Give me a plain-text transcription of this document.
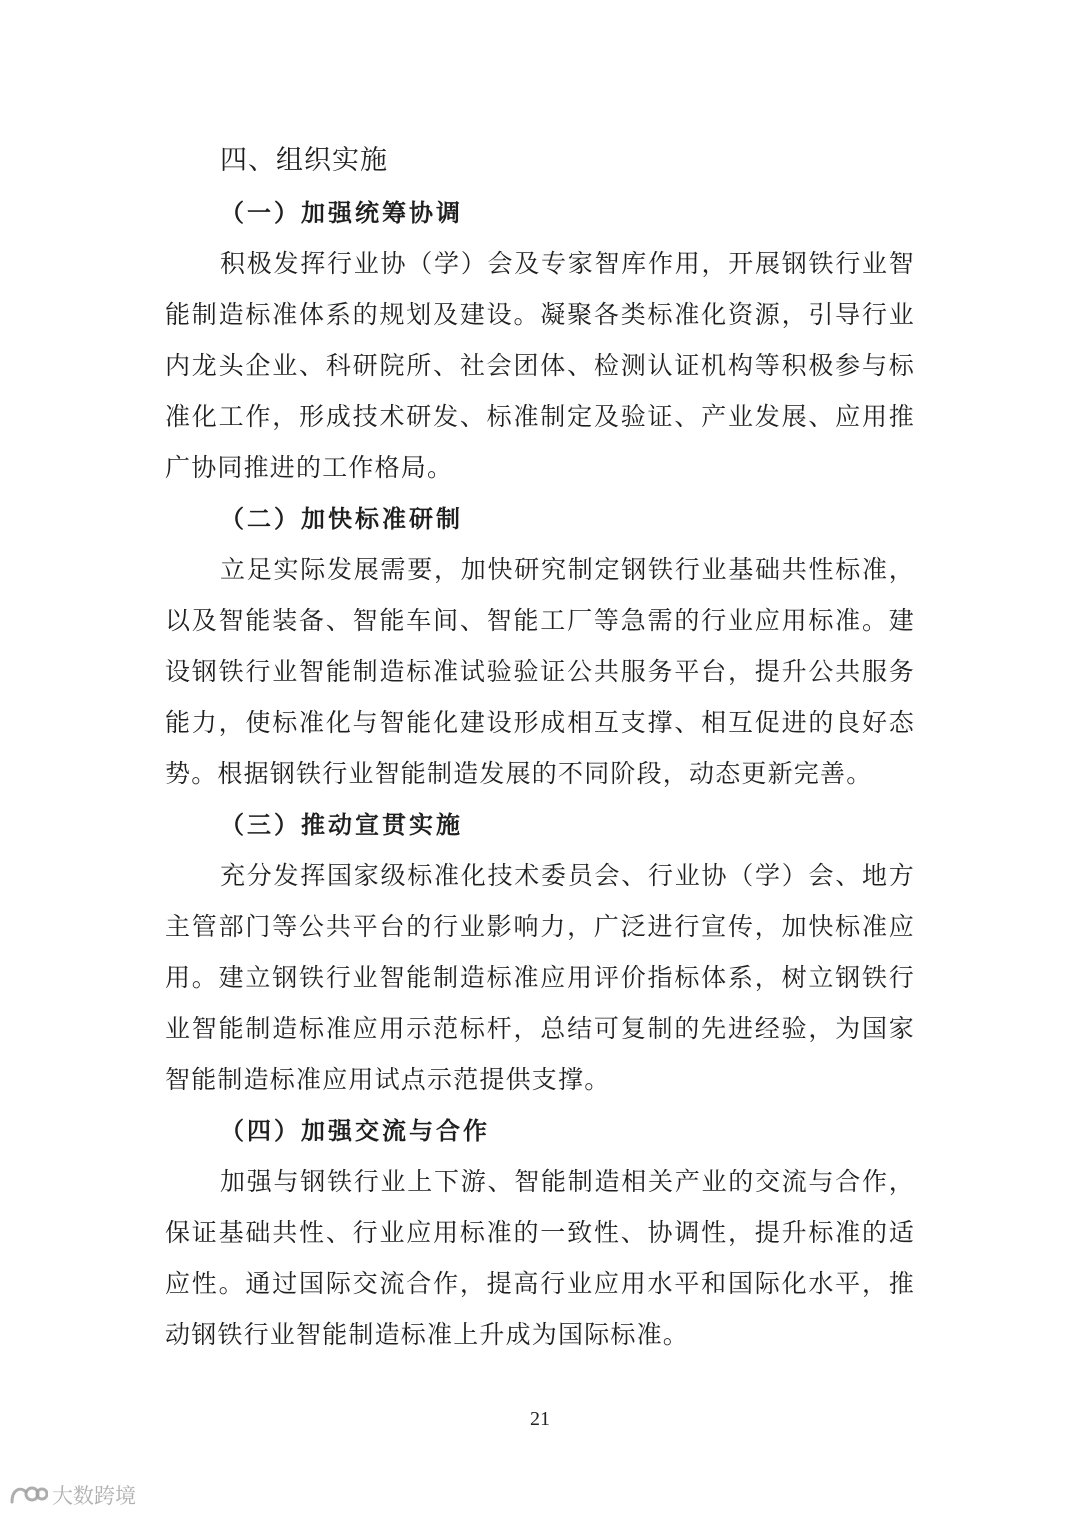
四、组织实施
（一）加强统筹协调

积极发挥行业协（学）会及专家智库作用，开展钢铁行业智能制造标准体系的规划及建设。凝聚各类标准化资源，引导行业内龙头企业、科研院所、社会团体、检测认证机构等积极参与标准化工作，形成技术研发、标准制定及验证、产业发展、应用推广协同推进的工作格局。

（二）加快标准研制

立足实际发展需要，加快研究制定钢铁行业基础共性标准，以及智能装备、智能车间、智能工厂等急需的行业应用标准。建设钢铁行业智能制造标准试验验证公共服务平台，提升公共服务能力，使标准化与智能化建设形成相互支撑、相互促进的良好态势。根据钢铁行业智能制造发展的不同阶段，动态更新完善。

（三）推动宣贯实施

充分发挥国家级标准化技术委员会、行业协（学）会、地方主管部门等公共平台的行业影响力，广泛进行宣传，加快标准应用。建立钢铁行业智能制造标准应用评价指标体系，树立钢铁行业智能制造标准应用示范标杆，总结可复制的先进经验，为国家智能制造标准应用试点示范提供支撑。

（四）加强交流与合作

加强与钢铁行业上下游、智能制造相关产业的交流与合作，保证基础共性、行业应用标准的一致性、协调性，提升标准的适应性。通过国际交流合作，提高行业应用水平和国际化水平，推动钢铁行业智能制造标准上升成为国际标准。

21
大数跨境
